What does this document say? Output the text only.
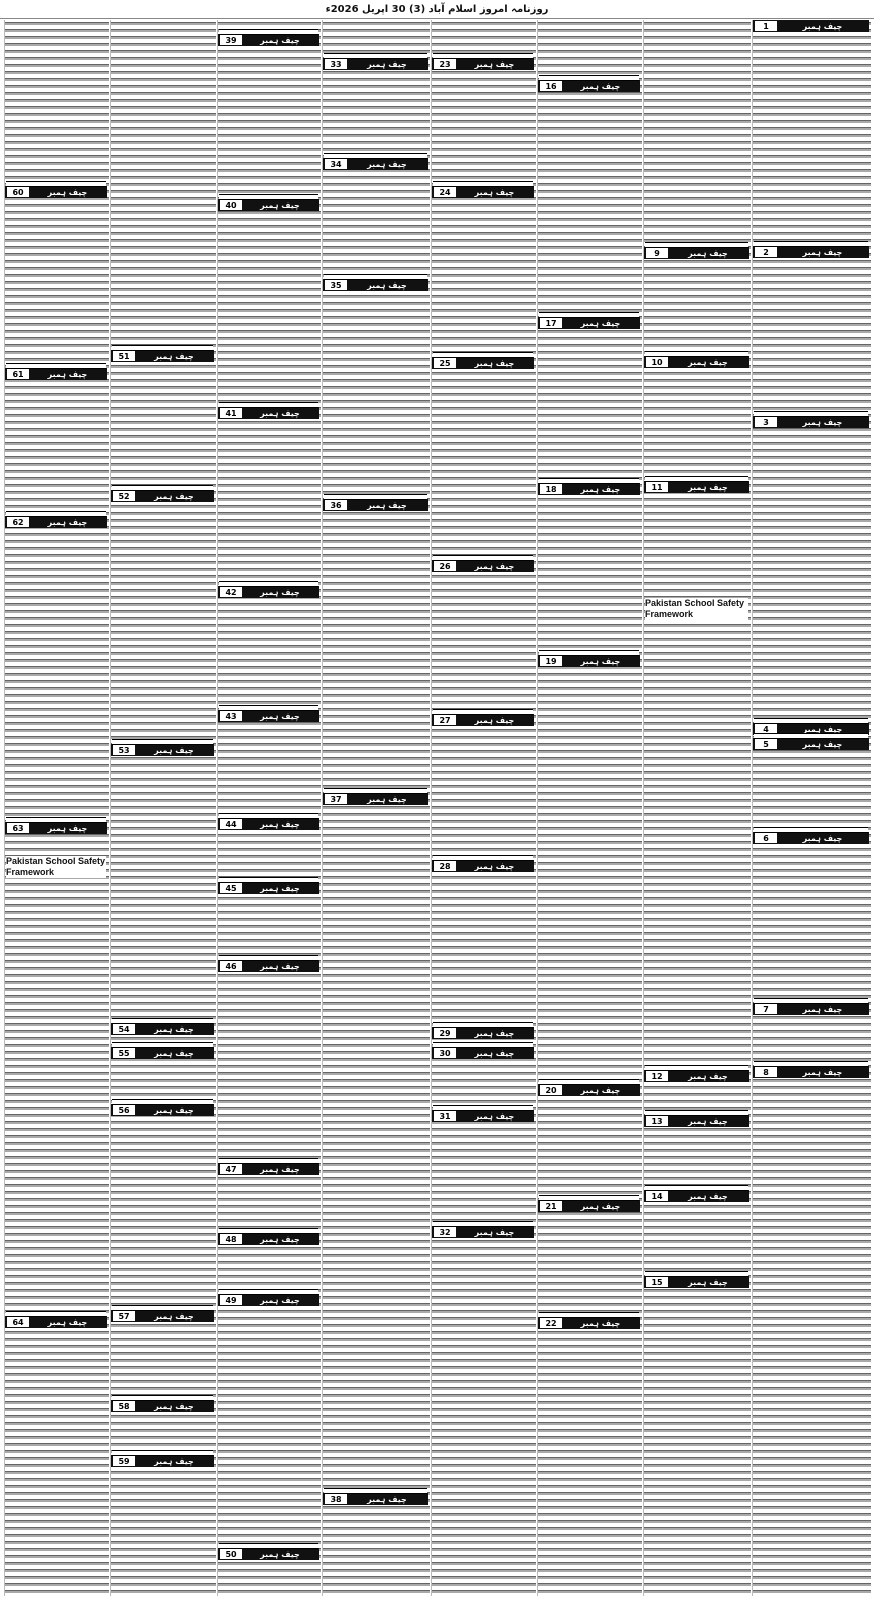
روزنامہ امروز اسلام آباد (3) 30 اپریل 2026ء
چیف ہمبر
1
چیف ہمبر
2
چیف ہمبر
3
چیف ہمبر
4
چیف ہمبر
5
چیف ہمبر
6
چیف ہمبر
7
چیف ہمبر
8
چیف ہمبر
9
چیف ہمبر
10
چیف ہمبر
11
چیف ہمبر
12
چیف ہمبر
13
چیف ہمبر
14
چیف ہمبر
15
چیف ہمبر
16
چیف ہمبر
17
چیف ہمبر
18
چیف ہمبر
19
چیف ہمبر
20
چیف ہمبر
21
چیف ہمبر
22
چیف ہمبر
23
چیف ہمبر
24
چیف ہمبر
25
چیف ہمبر
26
چیف ہمبر
27
چیف ہمبر
28
چیف ہمبر
29
چیف ہمبر
30
چیف ہمبر
31
چیف ہمبر
32
چیف ہمبر
33
چیف ہمبر
34
چیف ہمبر
35
چیف ہمبر
36
چیف ہمبر
37
چیف ہمبر
38
چیف ہمبر
39
چیف ہمبر
40
چیف ہمبر
41
چیف ہمبر
42
چیف ہمبر
43
چیف ہمبر
44
چیف ہمبر
45
چیف ہمبر
46
چیف ہمبر
47
چیف ہمبر
48
چیف ہمبر
49
چیف ہمبر
50
چیف ہمبر
51
چیف ہمبر
52
چیف ہمبر
53
چیف ہمبر
54
چیف ہمبر
55
چیف ہمبر
56
چیف ہمبر
57
چیف ہمبر
58
چیف ہمبر
59
چیف ہمبر
60
چیف ہمبر
61
چیف ہمبر
62
چیف ہمبر
63
چیف ہمبر
64
Pakistan School Safety
Framework
Pakistan School Safety
Framework
